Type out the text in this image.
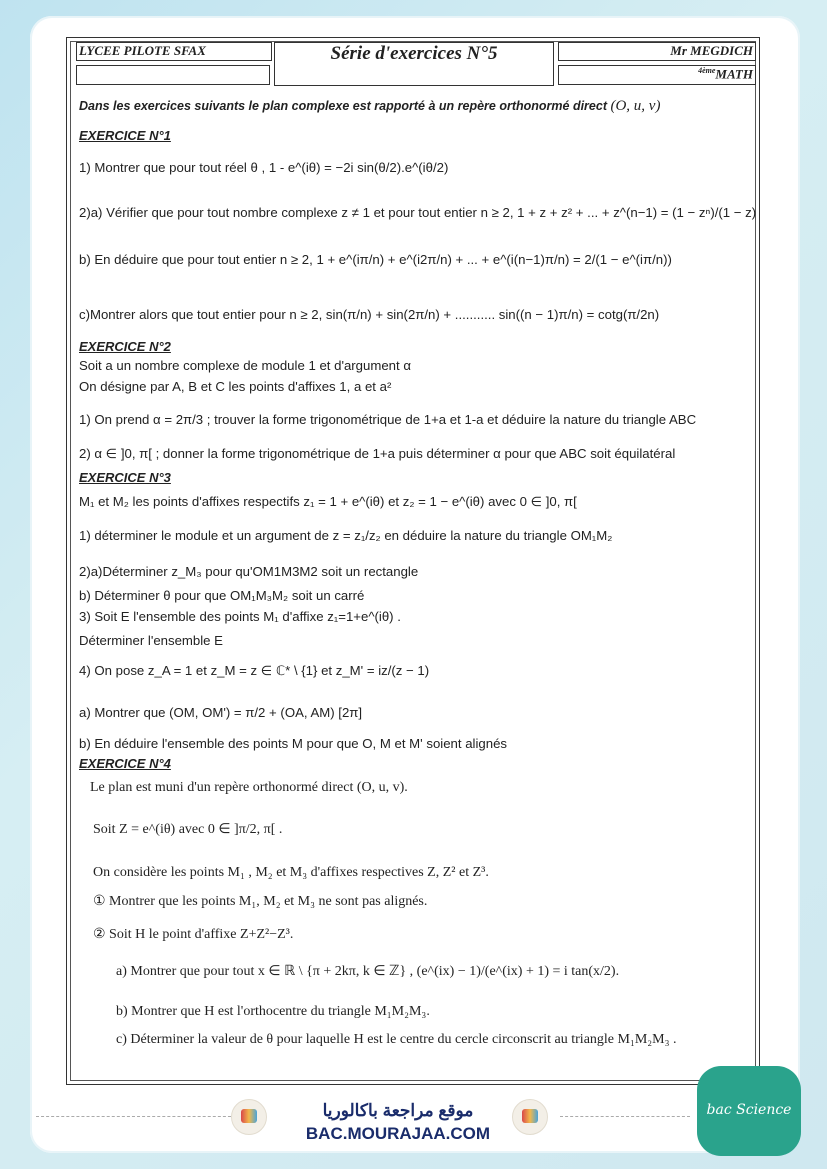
LYCEE PILOTE SFAX	Série d'exercices N°5	Mr MEGDICH
$^{4ème}$MATH
Dans les exercices suivants le plan complexe est rapporté à un repère orthonormé direct (O, u, v)
EXERCICE N°1
1) Montrer que pour tout réel θ , 1 - e^(iθ) = −2i sin(θ/2).e^(iθ/2)
2)a) Vérifier que pour tout nombre complexe z ≠ 1 et pour tout entier n ≥ 2, 1 + z + z² + ... + z^(n−1) = (1 − zⁿ)/(1 − z)
b) En déduire que pour tout entier n ≥ 2, 1 + e^(iπ/n) + e^(i2π/n) + ... + e^(i(n−1)π/n) = 2/(1 − e^(iπ/n))
c)Montrer alors que tout entier pour n ≥ 2, sin(π/n) + sin(2π/n) + ........... sin((n − 1)π/n) = cotg(π/2n)
EXERCICE N°2
Soit a un nombre complexe de module 1 et d'argument α
On désigne par A, B et C les points d'affixes 1, a et a²
1) On prend α = 2π/3 ; trouver la forme trigonométrique de 1+a et 1-a et déduire la nature du triangle ABC
2) α ∈ ]0, π[ ; donner la forme trigonométrique de 1+a puis déterminer α pour que ABC soit équilatéral
EXERCICE N°3
M₁ et M₂ les points d'affixes respectifs z₁ = 1 + e^(iθ) et z₂ = 1 − e^(iθ) avec 0 ∈ ]0, π[
1) déterminer le module et un argument de z = z₁/z₂ en déduire la nature du triangle OM₁M₂
2)a)Déterminer z_M₃ pour qu'OM1M3M2 soit un rectangle
b) Déterminer θ pour que OM₁M₃M₂ soit un carré
3) Soit E l'ensemble des points M₁ d'affixe z₁=1+e^(iθ) .
Déterminer l'ensemble E
4) On pose z_A = 1 et z_M = z ∈ ℂ* \ {1} et z_M' = iz/(z − 1)
a) Montrer que (OM, OM') = π/2 + (OA, AM) [2π]
b) En déduire l'ensemble des points M pour que O, M et M' soient alignés
EXERCICE N°4
Le plan est muni d'un repère orthonormé direct (O, u, v).
Soit Z = e^(iθ) avec 0 ∈ ]π/2, π[ .
On considère les points M₁ , M₂ et M₃ d'affixes respectives Z, Z² et Z³.
① Montrer que les points M₁, M₂ et M₃ ne sont pas alignés.
② Soit H le point d'affixe Z+Z²−Z³.
a) Montrer que pour tout x ∈ ℝ \ {π + 2kπ, k ∈ ℤ} , (e^(ix) − 1)/(e^(ix) + 1) = i tan(x/2).
b) Montrer que H est l'orthocentre du triangle M₁M₂M₃.
c) Déterminer la valeur de θ pour laquelle H est le centre du cercle circonscrit au triangle M₁M₂M₃ .
موقع مراجعة باكالوريا
BAC.MOURAJAA.COM
bac Science
